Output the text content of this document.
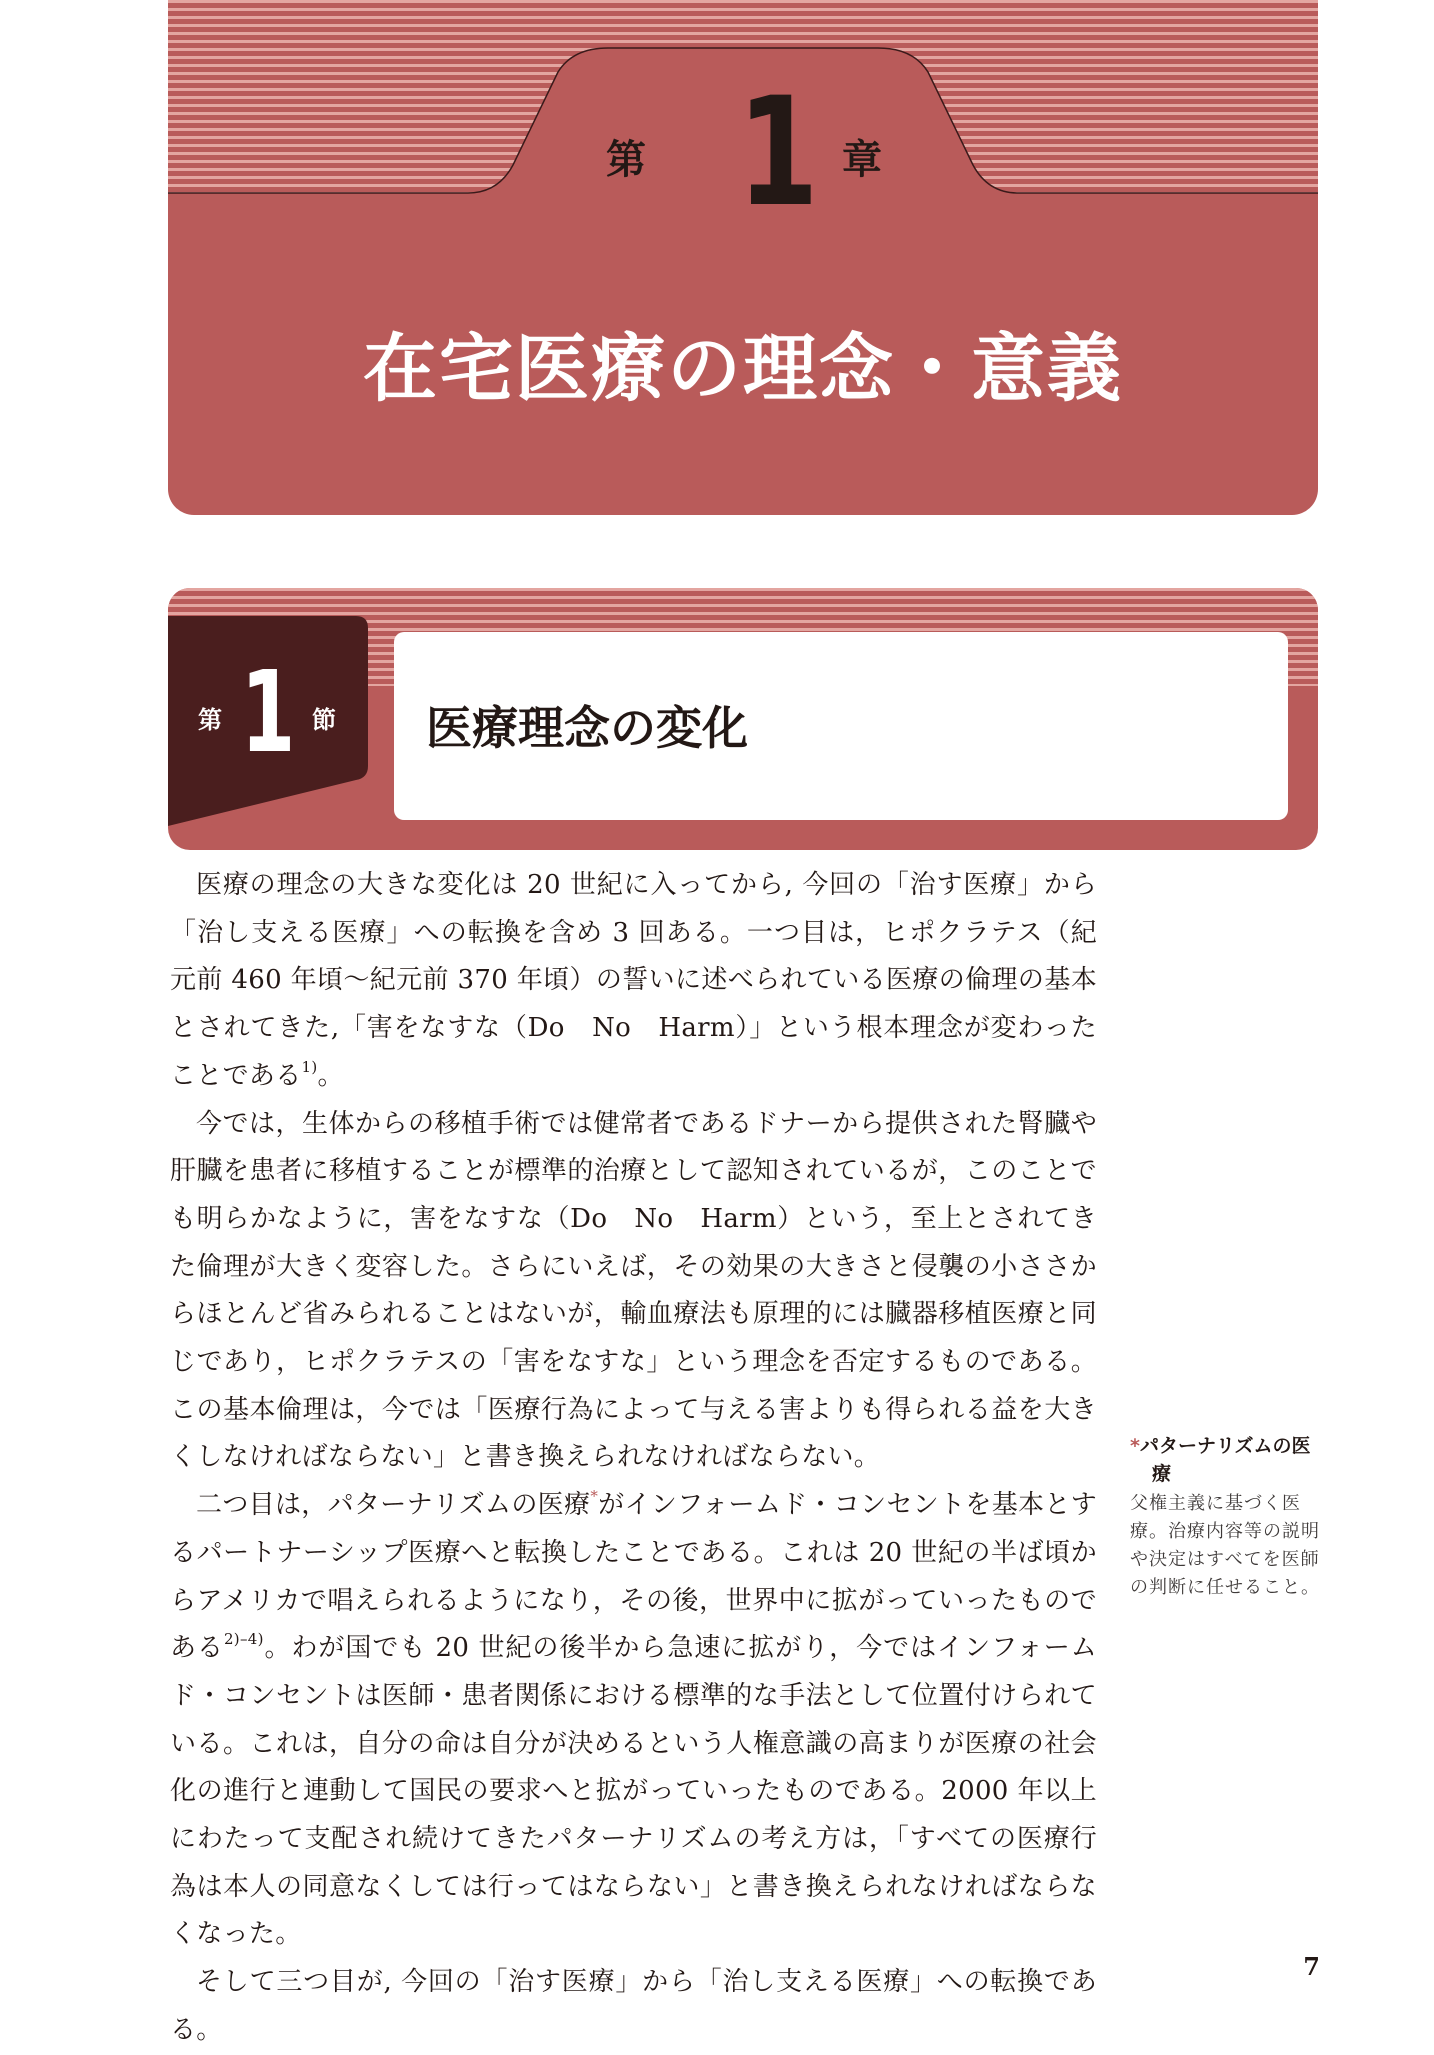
第 1 章
在宅医療の理念・意義
第 1 節 医療理念の変化

医療の理念の大きな変化は 20 世紀に入ってから, 今回の「治す医療」から「治し支える医療」への転換を含め 3 回ある。一つ目は，ヒポクラテス（紀元前 460 年頃〜紀元前 370 年頃）の誓いに述べられている医療の倫理の基本とされてきた,「害をなすな（Do　No　Harm）」という根本理念が変わったことである$^{1)}$。

今では，生体からの移植手術では健常者であるドナーから提供された腎臓や肝臓を患者に移植することが標準的治療として認知されているが，このことでも明らかなように，害をなすな（Do　No　Harm）という，至上とされてきた倫理が大きく変容した。さらにいえば，その効果の大きさと侵襲の小ささからほとんど省みられることはないが，輸血療法も原理的には臓器移植医療と同じであり，ヒポクラテスの「害をなすな」という理念を否定するものである。この基本倫理は，今では「医療行為によって与える害よりも得られる益を大きくしなければならない」と書き換えられなければならない。

二つ目は，パターナリズムの医療*がインフォームド・コンセントを基本とするパートナーシップ医療へと転換したことである。これは 20 世紀の半ば頃からアメリカで唱えられるようになり，その後，世界中に拡がっていったものである$^{2)-4)}$。わが国でも 20 世紀の後半から急速に拡がり，今ではインフォームド・コンセントは医師・患者関係における標準的な手法として位置付けられている。これは，自分の命は自分が決めるという人権意識の高まりが医療の社会化の進行と連動して国民の要求へと拡がっていったものである。2000 年以上にわたって支配され続けてきたパターナリズムの考え方は，「すべての医療行為は本人の同意なくしては行ってはならない」と書き換えられなければならなくなった。

そして三つ目が, 今回の「治す医療」から「治し支える医療」への転換である。

*パターナリズムの医療
父権主義に基づく医療。治療内容等の説明や決定はすべてを医師の判断に任せること。
7
